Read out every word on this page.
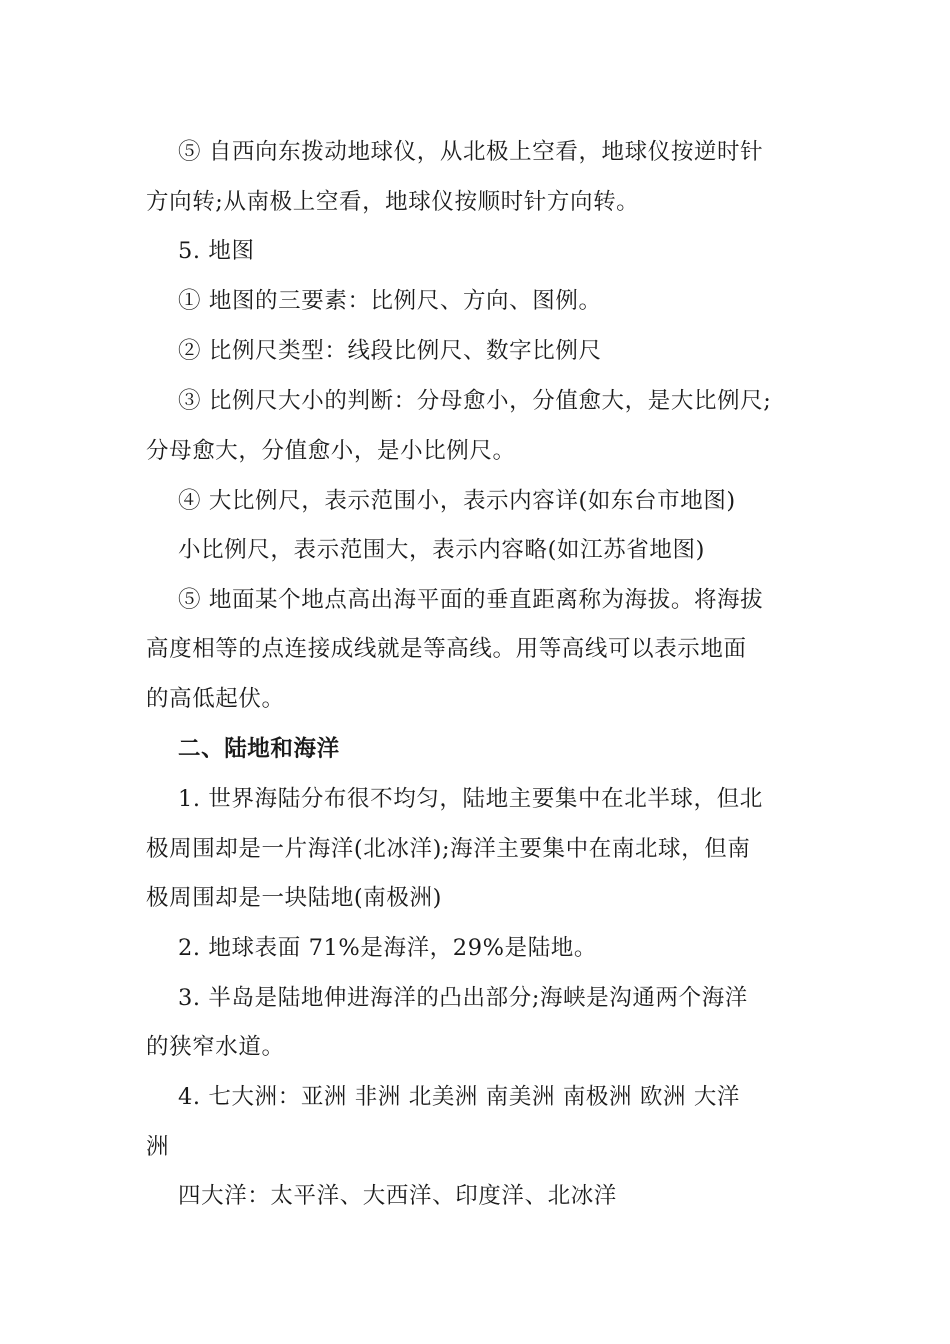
⑤ 自西向东拨动地球仪，从北极上空看，地球仪按逆时针
方向转;从南极上空看，地球仪按顺时针方向转。
5. 地图
① 地图的三要素：比例尺、方向、图例。
② 比例尺类型：线段比例尺、数字比例尺
③ 比例尺大小的判断：分母愈小，分值愈大，是大比例尺;
分母愈大，分值愈小，是小比例尺。
④ 大比例尺，表示范围小，表示内容详(如东台市地图)
小比例尺，表示范围大，表示内容略(如江苏省地图)
⑤ 地面某个地点高出海平面的垂直距离称为海拔。将海拔
高度相等的点连接成线就是等高线。用等高线可以表示地面
的高低起伏。
二、陆地和海洋
1. 世界海陆分布很不均匀，陆地主要集中在北半球，但北
极周围却是一片海洋(北冰洋);海洋主要集中在南北球，但南
极周围却是一块陆地(南极洲)
2. 地球表面 71%是海洋，29%是陆地。
3. 半岛是陆地伸进海洋的凸出部分;海峡是沟通两个海洋
的狭窄水道。
4. 七大洲：亚洲 非洲 北美洲 南美洲 南极洲 欧洲 大洋
洲
四大洋：太平洋、大西洋、印度洋、北冰洋
